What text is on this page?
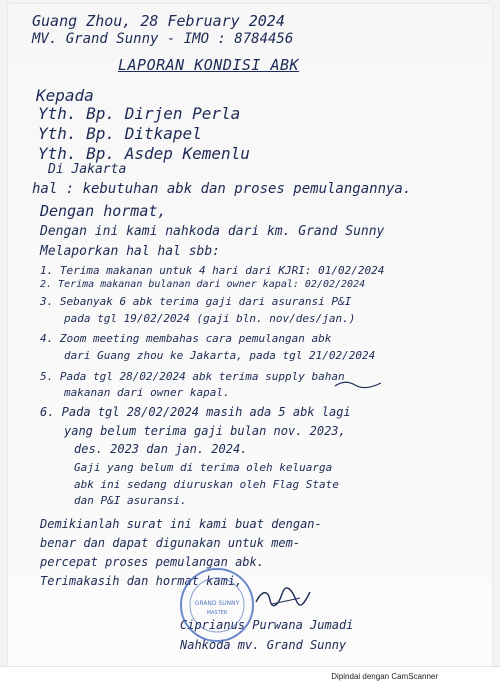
Guang Zhou, 28 February 2024
MV. Grand Sunny - IMO : 8784456
LAPORAN KONDISI ABK
Kepada
Yth. Bp. Dirjen Perla
Yth. Bp. Ditkapel
Yth. Bp. Asdep Kemenlu
Di Jakarta
hal : kebutuhan abk dan proses pemulangannya.
Dengan hormat,
Dengan ini kami nahkoda dari km. Grand Sunny
Melaporkan hal hal sbb:
1. Terima makanan untuk 4 hari dari KJRI: 01/02/2024
2. Terima makanan bulanan dari owner kapal: 02/02/2024
3. Sebanyak 6 abk terima gaji dari asuransi P&I
pada tgl 19/02/2024 (gaji bln. nov/des/jan.)
4. Zoom meeting membahas cara pemulangan abk
dari Guang zhou ke Jakarta, pada tgl 21/02/2024
5. Pada tgl 28/02/2024 abk terima supply bahan
makanan dari owner kapal.
6. Pada tgl 28/02/2024 masih ada 5 abk lagi
yang belum terima gaji bulan nov. 2023,
des. 2023 dan jan. 2024.
Gaji yang belum di terima oleh keluarga
abk ini sedang diuruskan oleh Flag State
dan P&I asuransi.
Demikianlah surat ini kami buat dengan-
benar dan dapat digunakan untuk mem-
percepat proses pemulangan abk.
Terimakasih dan hormat kami,
Ciprianus Purwana Jumadi
Nahkoda mv. Grand Sunny
GRAND SUNNY
MASTER
Dipindai dengan CamScanner
